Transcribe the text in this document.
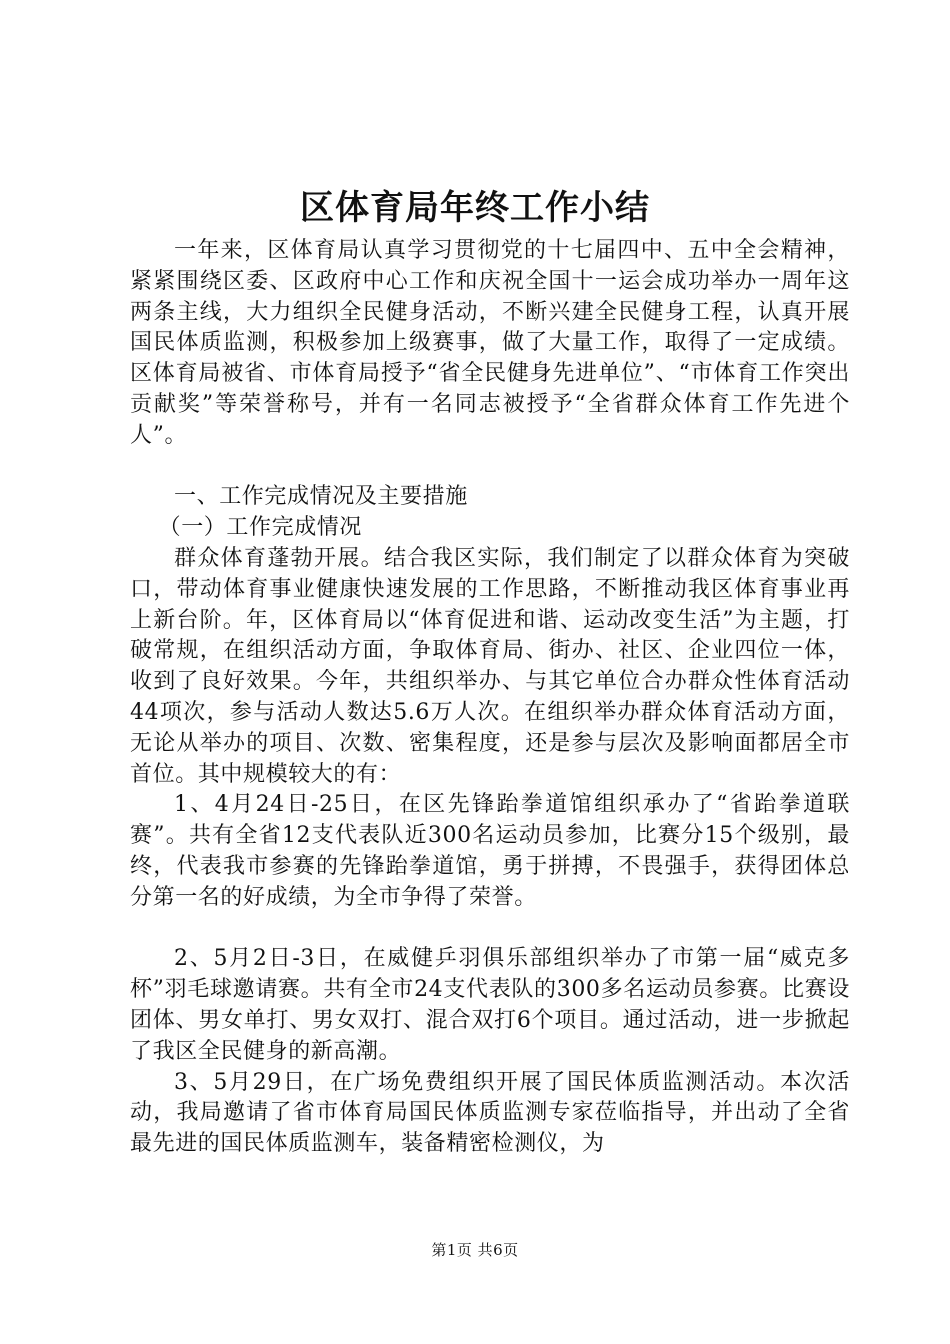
区体育局年终工作小结

一年来，区体育局认真学习贯彻党的十七届四中、五中全会精神，紧紧围绕区委、区政府中心工作和庆祝全国十一运会成功举办一周年这两条主线，大力组织全民健身活动，不断兴建全民健身工程，认真开展国民体质监测，积极参加上级赛事，做了大量工作，取得了一定成绩。区体育局被省、市体育局授予“省全民健身先进单位”、“市体育工作突出贡献奖”等荣誉称号，并有一名同志被授予“全省群众体育工作先进个人”。

一、工作完成情况及主要措施

（一）工作完成情况

群众体育蓬勃开展。结合我区实际，我们制定了以群众体育为突破口，带动体育事业健康快速发展的工作思路，不断推动我区体育事业再上新台阶。年，区体育局以“体育促进和谐、运动改变生活”为主题，打破常规，在组织活动方面，争取体育局、街办、社区、企业四位一体，收到了良好效果。今年，共组织举办、与其它单位合办群众性体育活动44项次，参与活动人数达5.6万人次。在组织举办群众体育活动方面，无论从举办的项目、次数、密集程度，还是参与层次及影响面都居全市首位。其中规模较大的有：

1、4月24日-25日，在区先锋跆拳道馆组织承办了“省跆拳道联赛”。共有全省12支代表队近300名运动员参加，比赛分15个级别，最终，代表我市参赛的先锋跆拳道馆，勇于拼搏，不畏强手，获得团体总分第一名的好成绩，为全市争得了荣誉。

2、5月2日-3日，在威健乒羽俱乐部组织举办了市第一届“威克多杯”羽毛球邀请赛。共有全市24支代表队的300多名运动员参赛。比赛设团体、男女单打、男女双打、混合双打6个项目。通过活动，进一步掀起了我区全民健身的新高潮。

3、5月29日，在广场免费组织开展了国民体质监测活动。本次活动，我局邀请了省市体育局国民体质监测专家莅临指导，并出动了全省最先进的国民体质监测车，装备精密检测仪，为

第1页 共6页
